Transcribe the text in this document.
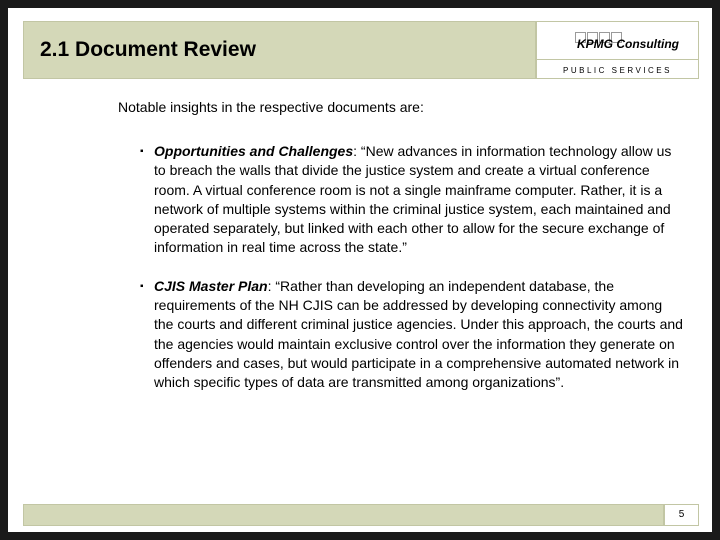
2.1 Document Review	KPMG Consulting
PUBLIC SERVICES
Notable insights in the respective documents are:
▪ Opportunities and Challenges: “New advances in information technology allow us to breach the walls that divide the justice system and create a virtual conference room. A virtual conference room is not a single mainframe computer. Rather, it is a network of multiple systems within the criminal justice system, each maintained and operated separately, but linked with each other to allow for the secure exchange of information in real time across the state.”
▪ CJIS Master Plan: “Rather than developing an independent database, the requirements of the NH CJIS can be addressed by developing connectivity among the courts and different criminal justice agencies. Under this approach, the courts and the agencies would maintain exclusive control over the information they generate on offenders and cases, but would participate in a comprehensive automated network in which specific types of data are transmitted among organizations”.
5
